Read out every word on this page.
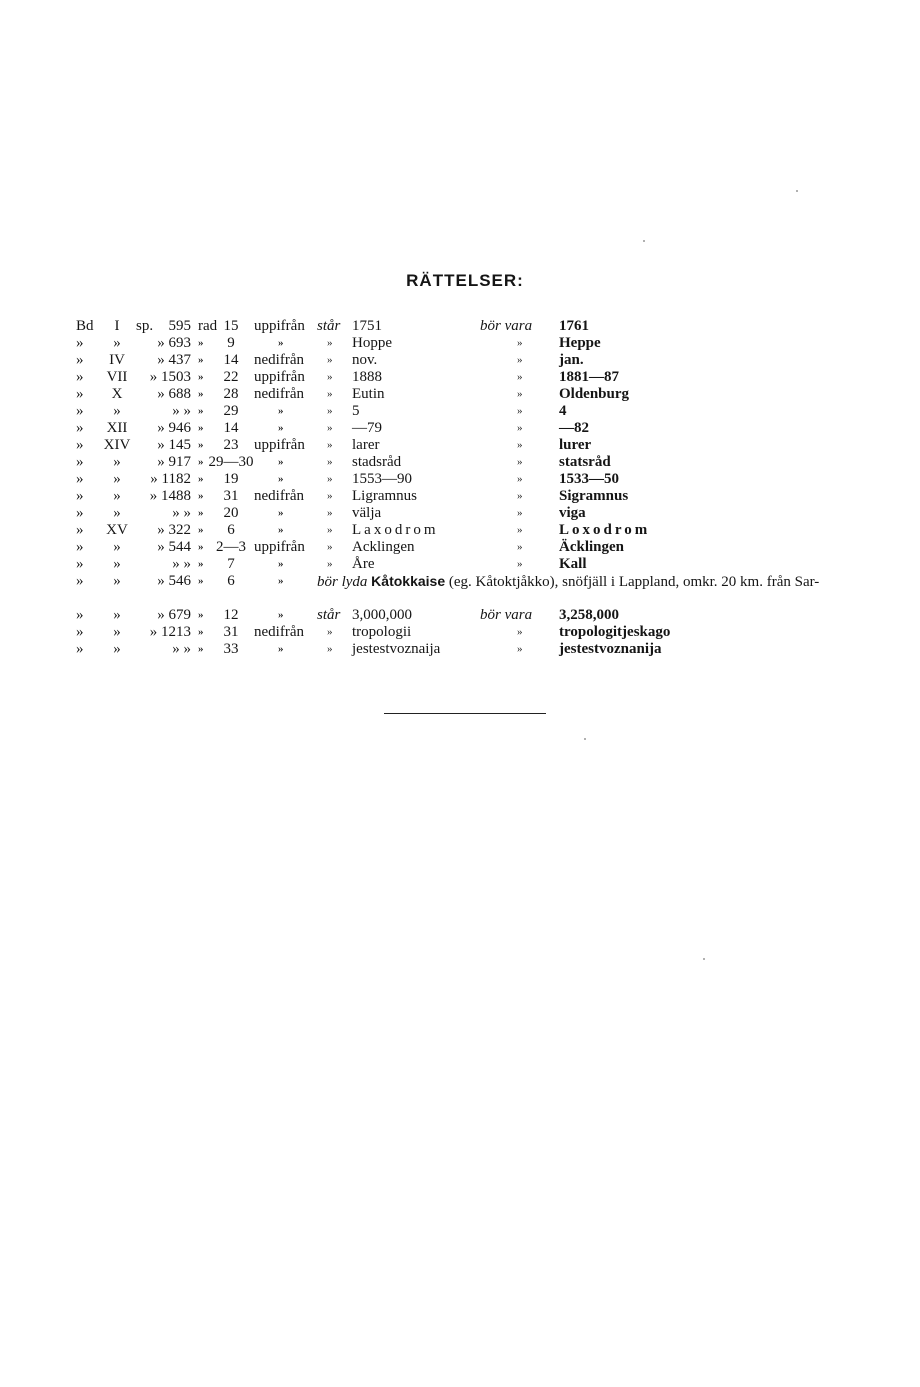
RÄTTELSER:
Bd	I	sp.	595 rad 15	uppifrån står 1751	bör vara 1761
»	»	» 693 »	9	»	» Hoppe	» Heppe
»	IV	» 437 »	14	nedifrån » nov.	» jan.
»	VII	» 1503 »	22	uppifrån » 1888	» 1881—87
»	X	» 688 »	28	nedifrån » Eutin	» Oldenburg
»	»	» » »	29	»	» 5	» 4
»	XII	» 946 »	14	»	» —79	» —82
» XIV	» 145 »	23	uppifrån » larer	» lurer
»	»	» 917 » 29—30 »	» stadsråd	» statsråd
»	»	» 1182 »	19	»	» 1553—90	» 1533—50
»	»	» 1488 »	31	nedifrån » Ligramnus	» Sigramnus
»	»	» » »	20	»	» välja	» viga
» XV	» 322 »	6	»	» Laxodrom	» Loxodrom
»	»	» 544 » 2—3 uppifrån » Acklingen	» Äcklingen
»	»	» » »	7	»	» Åre	» Kall
»	»	» 546 »	6	» bör lyda Kåtokkaise (eg. Kåtoktjåkko), snöfjäll i Lappland, omkr. 20 km. från Sar-
»	»	» 679 »	12	» står 3,000,000	bör vara 3,258,000
»	»	» 1213 »	31	nedifrån » tropologii	» tropologitjeskago
»	»	» » »	33	»	» jestestvoznaija	» jestestvoznanija
